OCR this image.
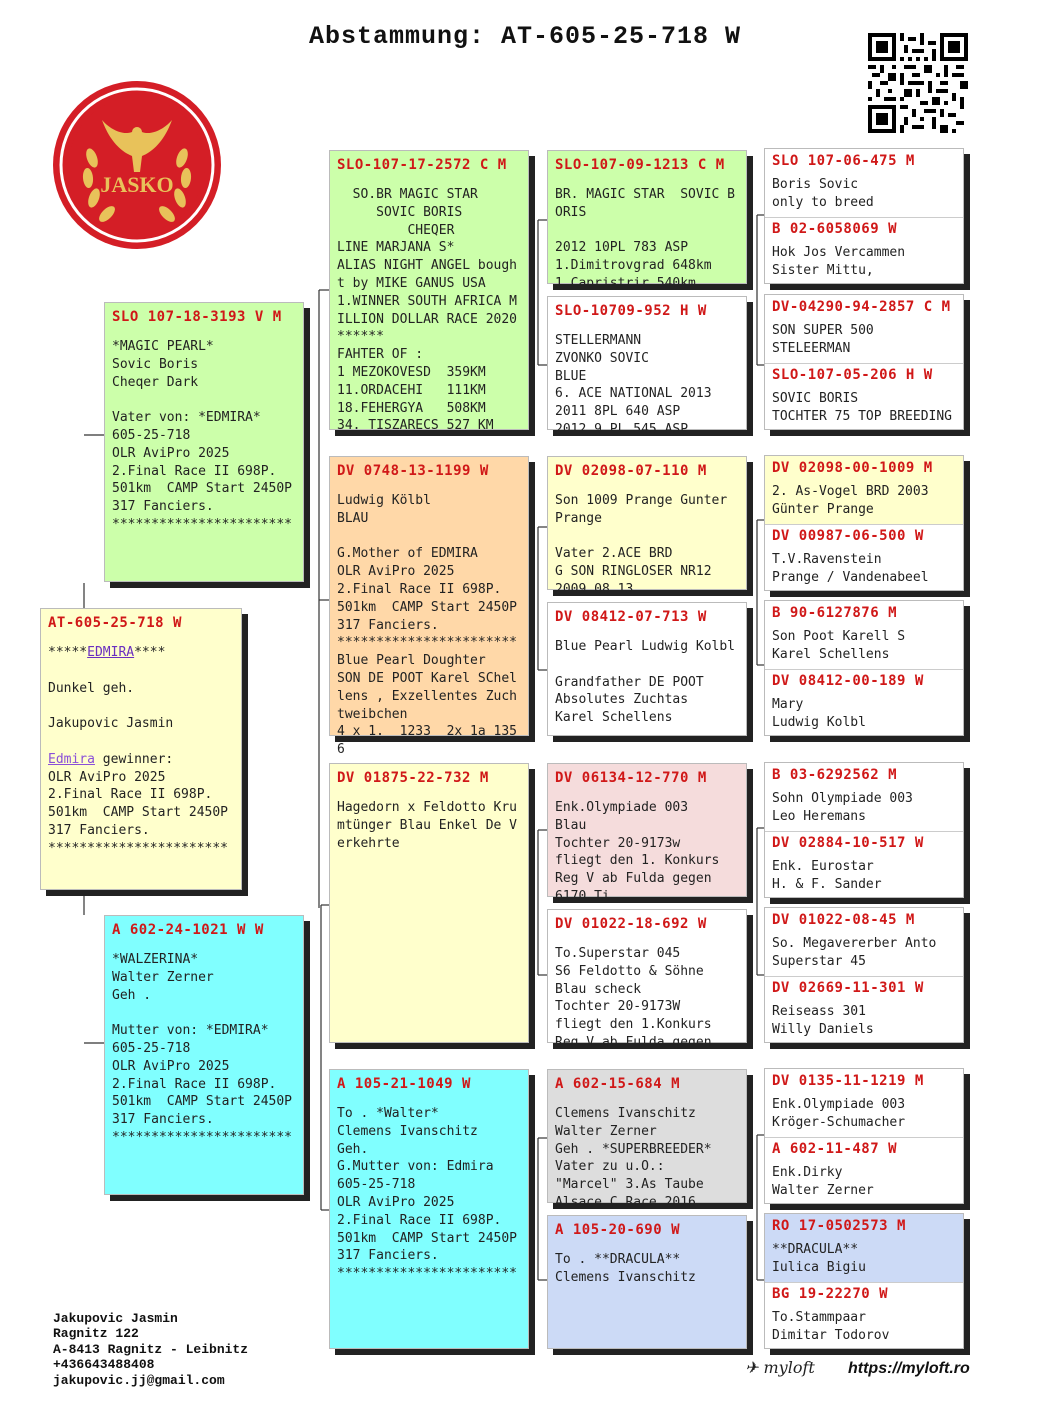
Abstammung: AT-605-25-718 W
JASKO
AT-605-25-718 W
*****EDMIRA****

Dunkel geh.

Jakupovic Jasmin

Edmira gewinner:
OLR AviPro 2025
2.Final Race II 698P.
501km  CAMP Start 2450P
317 Fanciers.
***********************
SLO 107-18-3193 V M
*MAGIC PEARL*
Sovic Boris
Cheqer Dark

Vater von: *EDMIRA*
605-25-718
OLR AviPro 2025
2.Final Race II 698P.
501km  CAMP Start 2450P
317 Fanciers.
***********************
A 602-24-1021 W W
*WALZERINA*
Walter Zerner
Geh .

Mutter von: *EDMIRA*
605-25-718
OLR AviPro 2025
2.Final Race II 698P.
501km  CAMP Start 2450P
317 Fanciers.
***********************
SLO-107-17-2572 C M
SO.BR MAGIC STAR
SOVIC BORIS
CHEQER
LINE MARJANA S*
ALIAS NIGHT ANGEL bought by MIKE GANUS USA
1.WINNER SOUTH AFRICA MILLION DOLLAR RACE 2020
******
FAHTER OF :
1 MEZOKOVESD  359KM
11.ORDACEHI   111KM
18.FEHERGYA   508KM
34. TISZARECS 527 KM
DV 0748-13-1199 W
Ludwig Kölbl
BLAU

G.Mother of EDMIRA
OLR AviPro 2025
2.Final Race II 698P.
501km  CAMP Start 2450P
317 Fanciers.
***********************
Blue Pearl Doughter
SON DE POOT Karel SChellens , Exzellentes Zuchtweibchen
4 x 1.  1233  2x 1a 1356
DV 01875-22-732 M
Hagedorn x Feldotto Krumtünger Blau Enkel De Verkehrte
A 105-21-1049 W
To . *Walter*
Clemens Ivanschitz
Geh.
G.Mutter von: Edmira
605-25-718
OLR AviPro 2025
2.Final Race II 698P.
501km  CAMP Start 2450P
317 Fanciers.
***********************
SLO-107-09-1213 C M
BR. MAGIC STAR  SOVIC BORIS

2012 10PL 783 ASP
1.Dimitrovgrad 648km
1.Capristrir 540km
SLO-10709-952 H W
STELLERMANN
ZVONKO SOVIC
BLUE
6. ACE NATIONAL 2013
2011 8PL 640 ASP
2012 9.PL 545 ASP
DV 02098-07-110 M
Son 1009 Prange Gunter Prange

Vater 2.ACE BRD
G SON RINGLOSER NR12
2009 08 13
DV 08412-07-713 W
Blue Pearl Ludwig Kolbl

Grandfather DE POOT
Absolutes Zuchtas
Karel Schellens
DV 06134-12-770 M
Enk.Olympiade 003
Blau
Tochter 20-9173w
fliegt den 1. Konkurs
Reg V ab Fulda gegen
6170 Ti
DV 01022-18-692 W
To.Superstar 045
S6 Feldotto & Söhne
Blau scheck
Tochter 20-9173W
fliegt den 1.Konkurs
Reg V ab Fulda gegen
A 602-15-684 M
Clemens Ivanschitz
Walter Zerner
Geh . *SUPERBREEDER*
Vater zu u.O.:
"Marcel" 3.As Taube
Alsace C Race 2016
A 105-20-690 W
To . **DRACULA**
Clemens Ivanschitz
SLO 107-06-475 M
Boris Sovic
only to breed
B 02-6058069 W
Hok Jos Vercammen
Sister Mittu,
DV-04290-94-2857 C M
SON SUPER 500
STELEERMAN
SLO-107-05-206 H W
SOVIC BORIS
TOCHTER 75 TOP BREEDING
DV 02098-00-1009 M
2. As-Vogel BRD 2003
Günter Prange
DV 00987-06-500 W
T.V.Ravenstein
Prange / Vandenabeel
B 90-6127876 M
Son Poot Karell S
Karel Schellens
DV 08412-00-189 W
Mary
Ludwig Kolbl
B 03-6292562 M
Sohn Olympiade 003
Leo Heremans
DV 02884-10-517 W
Enk. Eurostar
H. & F. Sander
DV 01022-08-45 M
So. Megavererber Anto
Superstar 45
DV 02669-11-301 W
Reiseass 301
Willy Daniels
DV 0135-11-1219 M
Enk.Olympiade 003
Kröger-Schumacher
A 602-11-487 W
Enk.Dirky
Walter Zerner
RO 17-0502573 M
**DRACULA**
Iulica Bigiu
BG 19-22270 W
To.Stammpaar
Dimitar Todorov
Jakupovic Jasmin
Ragnitz 122
A-8413 Ragnitz - Leibnitz
+436643488408
jakupovic.jj@gmail.com
✈ myloft https://myloft.ro
